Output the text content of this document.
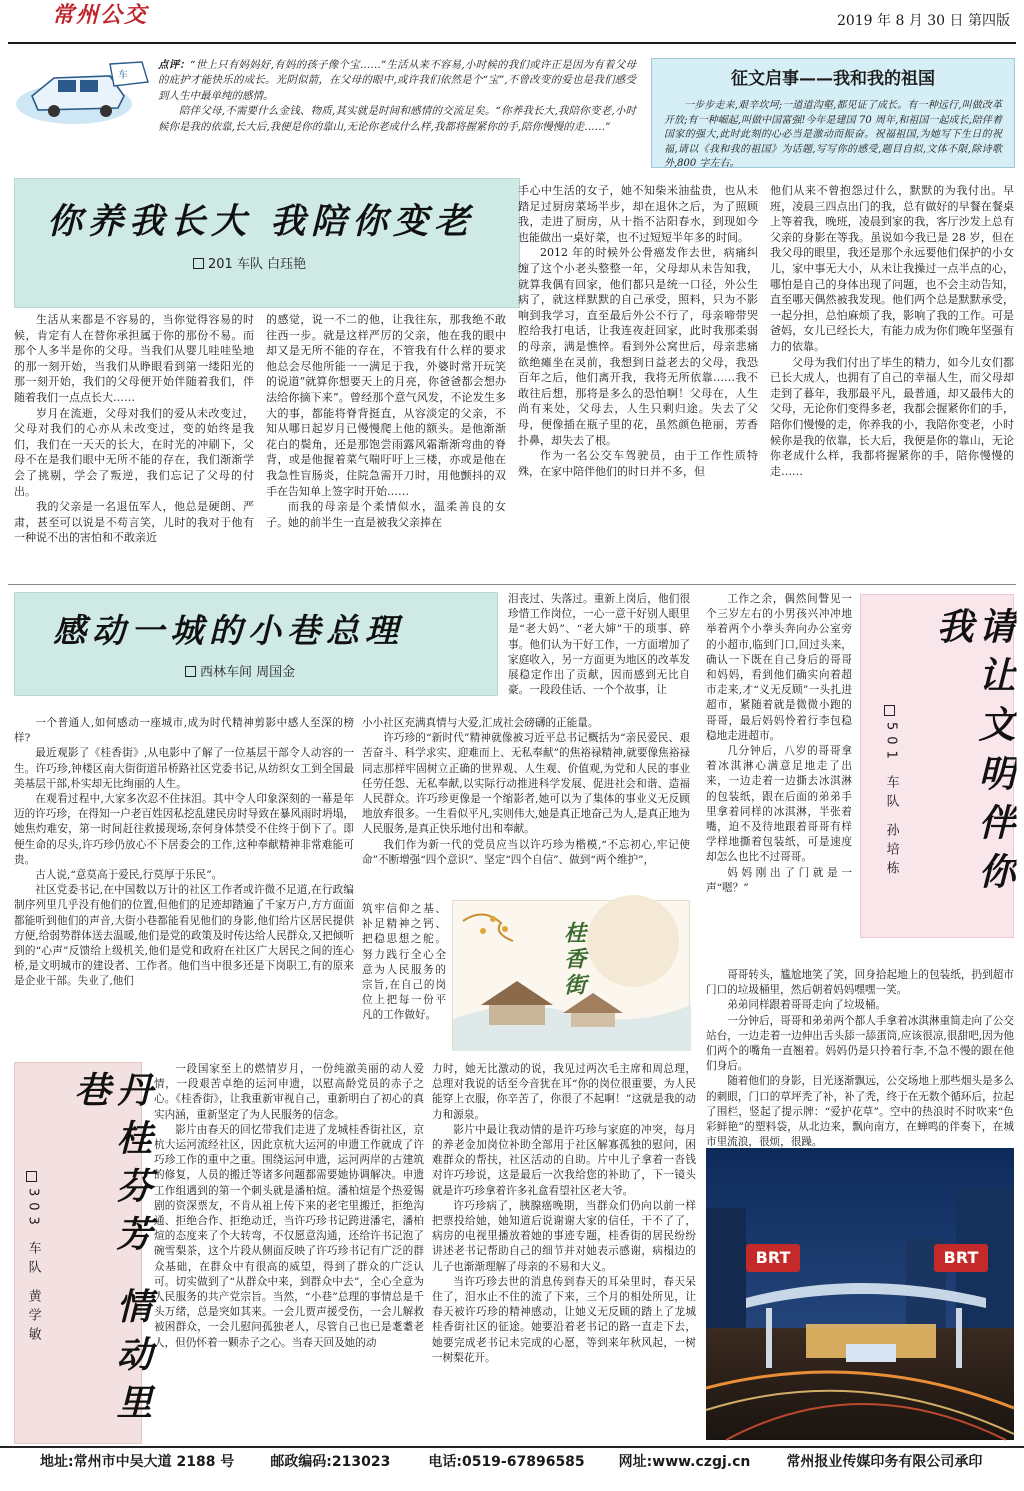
常州公交	2019 年 8 月 30 日 第四版
车

点评：“世上只有妈妈好,有妈的孩子像个宝……”生活从来不容易,小时候的我们或许正是因为有着父母的庇护才能快乐的成长。光阴似箭，在父母的眼中,或许我们依然是个“宝”,不曾改变的爱也是我们感受到人生中最单纯的感情。

陪伴父母,不需要什么金钱、物质,其实就是时间和感情的交流足矣。“你养我长大,我陪你变老,小时候你是我的依靠,长大后,我便是你的靠山,无论你老成什么样,我都将握紧你的手,陪你慢慢的走……”

征文启事——我和我的祖国
一步步走来,艰辛坎坷;一道道沟壑,都见证了成长。有一种远行,叫做改革开放;有一种崛起,叫做中国富强!今年是建国 70 周年,和祖国一起成长,陪伴着国家的强大,此时此刻的心必当是激动而振奋。祝福祖国,为她写下生日的祝福,请以《我和我的祖国》为话题,写写你的感受,题目自拟,文体不限,除诗歌外,800 字左右。
你养我长大 我陪你变老
201 车队 白珏艳

生活从来都是不容易的，当你觉得容易的时候，肯定有人在替你承担属于你的那份不易。而那个人多半是你的父母。当我们从婴儿哇哇坠地的那一刻开始，当我们从睁眼看到第一缕阳光的那一刻开始，我们的父母便开始伴随着我们，伴随着我们一点点长大……

岁月在流逝，父母对我们的爱从未改变过，父母对我们的心亦从未改变过，变的始终是我们，我们在一天天的长大，在时光的冲刷下，父母不在是我们眼中无所不能的存在，我们渐渐学会了挑剔，学会了叛逆，我们忘记了父母的付出。

我的父亲是一名退伍军人，他总是硬朗、严肃，甚至可以说是不苟言笑，儿时的我对于他有一种说不出的害怕和不敢亲近

的感觉，说一不二的他，让我往东，那我绝不敢往西一步。就是这样严厉的父亲，他在我的眼中却又是无所不能的存在，不管我有什么样的要求他总会尽他所能一一满足于我，外婆时常开玩笑的说道“就算你想要天上的月亮，你爸爸都会想办法给你摘下来”。曾经那个意气风发，不论发生多大的事，都能将脊背挺直，从容淡定的父亲，不知从哪日起岁月已慢慢爬上他的额头。是他渐渐花白的鬓角，还是那饱尝雨露风霜渐渐弯曲的脊背，或是他握着菜气喘吁吁上三楼，亦或是他在我急性盲肠炎，住院急需开刀时，用他颤抖的双手在告知单上签字时开始……

而我的母亲是个柔情似水，温柔善良的女子。她的前半生一直是被我父亲捧在

手心中生活的女子，她不知柴米油盐贵，也从未踏足过厨房菜场半步，却在退休之后，为了照顾我，走进了厨房，从十指不沾阳春水，到现如今也能做出一桌好菜，也不过短短半年多的时间。

2012 年的时候外公骨癌发作去世，病痛纠缠了这个小老头整整一年，父母却从未告知我，就算我偶有回家，他们都只是统一口径，外公生病了，就这样默默的自己承受，照料，只为不影响到我学习，直至最后外公不行了，母亲啼带哭腔给我打电话，让我连夜赶回家，此时我那柔弱的母亲，满是憔悴。看到外公窝世后，母亲悲痛欲绝瘫坐在灵前，我想到日益老去的父母，我恐百年之后，他们离开我，我将无所依靠……我不敢往后想，那将是多么的恐怕啊！父母在，人生尚有来处，父母去，人生只剩归途。失去了父母，便像插在瓶子里的花，虽然颜色艳丽，芳香扑鼻，却失去了根。

作为一名公交车驾驶员，由于工作性质特殊，在家中陪伴他们的时日并不多，但

他们从来不曾抱怨过什么，默默的为我付出。早班，凌晨三四点出门的我，总有做好的早餐在餐桌上等着我，晚班，凌晨到家的我，客厅沙发上总有父亲的身影在等我。虽说如今我已是 28 岁，但在我父母的眼里，我还是那个永远要他们保护的小女儿，家中事无大小，从未让我操过一点半点的心，哪怕是自己的身体出现了问题，也不会主动告知，直至哪天偶然被我发现。他们两个总是默默承受，一起分担，总怕麻烦了我，影响了我的工作。可是爸妈，女儿已经长大，有能力成为你们晚年坚强有力的依靠。

父母为我们付出了毕生的精力，如今儿女们都已长大成人，也拥有了自己的幸福人生，而父母却走到了暮年，我那最平凡，最普通，却又最伟大的父母，无论你们变得多老，我都会握紧你们的手，陪你们慢慢的走，你养我的小，我陪你变老，小时候你是我的依靠，长大后，我便是你的靠山，无论你老成什么样，我都将握紧你的手，陪你慢慢的走……

感动一城的小巷总理
西林车间 周国金

一个普通人,如何感动一座城市,成为时代精神剪影中感人至深的榜样?

最近观影了《桂香街》,从电影中了解了一位基层干部令人动容的一生。许巧珍,钟楼区南大街街道吊桥路社区党委书记,从纺织女工到全国最美基层干部,朴实却无比绚丽的人生。

在观看过程中,大家多次忍不住抹泪。其中令人印象深刻的一幕是年迈的许巧珍，在得知一户老百姓因私挖乱建民房时导致在暴风雨时坍塌，她焦灼难安，第一时间赶往救援现场,奈何身体禁受不住终于倒下了。即便生命的尽头,许巧珍仍放心不下居委会的工作,这种奉献精神非常难能可贵。

古人说,“意莫高于爱民,行莫厚于乐民”。

社区党委书记,在中国数以万计的社区工作者或许微不足道,在行政编制序列里几乎没有他们的位置,但他们的足迹却踏遍了千家万户,方方面面都能听到他们的声音,大街小巷都能看见他们的身影,他们给片区居民提供方便,给弱势群体送去温暖,他们是党的政策及时传达给人民群众,又把倾听到的“心声”反馈给上级机关,他们是党和政府在社区广大居民之间的连心桥,是文明城市的建设者、工作者。他们当中很多还是下岗职工,有的原来是企业干部。失业了,他们

小小社区充满真情与大爱,汇成社会磅礴的正能量。

许巧珍的“新时代”精神就像被习近平总书记概括为“亲民爱民、艰苦奋斗、科学求实、迎难而上、无私奉献”的焦裕禄精神,就要像焦裕禄同志那样牢固树立正确的世界观、人生观、价值观,为党和人民的事业任劳任怨、无私奉献,以实际行动推进科学发展、促进社会和谐、造福人民群众。许巧珍更像是一个缩影者,她可以为了集体的事业义无反顾地放弃很多。一生看似平凡,实则伟大,她是真正地奋己为人,是真正地为人民服务,是真正快乐地付出和奉献。

我们作为新一代的党员应当以许巧珍为楷模,“不忘初心,牢记使命”不断增强“四个意识”、坚定“四个自信”、做到“两个维护”，

筑牢信仰之基、补足精神之钙、把稳思想之舵。努力践行全心全意为人民服务的宗旨,在自己的岗位上把每一份平凡的工作做好。

桂香街

泪丧过、失落过。重新上岗后，他们很珍惜工作岗位，一心一意干好别人眼里是“老大妈”、“老大婶”干的琐事、碎事。他们认为干好工作，一方面增加了家庭收入，另一方面更为地区的改革发展稳定作出了贡献，因而感到无比自豪。一段段佳话、一个个故事，让

工作之余，偶然间瞥见一个三岁左右的小男孩兴冲冲地举着两个小拳头奔向办公室旁的小超市,临到门口,回过头来，确认一下既在自己身后的哥哥和妈妈，看到他们确实向着超市走来,才“义无反顾”一头扎进超市，紧随着就是微微小跑的哥哥，最后妈妈怜着行李包稳稳地走进超市。

几分钟后，八岁的哥哥拿着冰淇淋心满意足地走了出来，一边走着一边撕去冰淇淋的包装纸，跟在后面的弟弟手里拿着同样的冰淇淋，半张着嘴，迫不及待地跟着哥哥有样学样地撕着包装纸，可是速度却怎么也比不过哥哥。

妈妈刚出了门就是一声“嗯？”	请让文明伴你我
501 车队 孙培栋

哥哥转头，尴尬地笑了笑，回身拾起地上的包装纸，扔到超市门口的垃圾桶里，然后朝着妈妈嘿嘿一笑。

弟弟同样跟着哥哥走向了垃圾桶。

一分钟后，哥哥和弟弟两个都人手拿着冰淇淋重简走向了公交站台，一边走着一边伸出舌头舔一舔蛋筒,应该很凉,很甜吧,因为他们两个的嘴角一直翘着。妈妈仍是只拎着行李,不急不慢的跟在他们身后。

随着他们的身影，目光逐渐飘远，公交场地上那些烟头是多么的刺眼，门口的草坪秃了补，补了秃，终于在无数个循环后，拉起了围栏，竖起了提示牌：“爱护花草”。空中的热浪时不时吹来“色彩鲜艳”的塑料袋，从北边来，飘向南方，在蝉鸣的伴奏下，在城市里流浪，很烦，很躁。

丹桂芬芳 情动里巷
303 车队 黄学敏

一段国家至上的燃情岁月，一份纯澈美丽的动人爱情，一段艰苦卓绝的运河申遗，以慰高龄党员的赤子之心。《桂香街》，让我重新审视自己，重新明白了初心的真实内涵，重新坚定了为人民服务的信念。

影片由春天的回忆带我们走进了龙城桂香街社区，京杭大运河流经社区，因此京杭大运河的申遗工作就成了许巧珍工作的重中之重。围绕运河申遗，运河两岸的古建筑的修复，人员的搬迁等诸多问题都需要她协调解决。申遗工作组遇到的第一个刺头就是潘柏煊。潘柏煊是个热爱锡剧的资深票友，不肯从祖上传下来的老宅里搬迁，拒绝沟通、拒绝合作、拒绝动迁，当许巧珍书记跨进潘宅，潘柏煊的态度来了个大转弯，不仅愿意沟通，还给许书记泡了碗雪梨茶，这个片段从侧面反映了许巧珍书记有广泛的群众基础，在群众中有很高的威望，得到了群众的广泛认可。切实做到了“从群众中来，到群众中去”，全心全意为人民服务的共产党宗旨。当然，“小巷”总理的事情总是千头万绪，总是突如其来。一会儿贾声援受伤，一会儿解救被困群众，一会儿慰问孤独老人，尽管自己也已是耄耋老人，但仍怀着一颗赤子之心。当春天回及她的动

力时，她无比激动的说，我见过两次毛主席和周总理，总理对我说的话至今音犹在耳“你的岗位很重要，为人民能穿上衣服，你辛苦了，你很了不起啊！”这就是我的动力和源泉。

影片中最让我动情的是许巧珍与家庭的冲突，每月的养老金加岗位补助全部用于社区解寡孤独的慰问，困难群众的帮扶，社区活动的自助。片中儿子拿着一沓钱对许巧珍说，这是最后一次我给您的补助了，下一镜头就是许巧珍拿着许多礼盒看望社区老大爷。

许巧珍病了，胰腺癌晚期，当群众们仍向以前一样把票投给她，她知道后说谢谢大家的信任，干不了了，病房的电视里播放着她的事迹专题，桂香街的居民纷纷讲述老书记帮助自己的细节并对她表示感谢，病榻边的儿子也渐渐理解了母亲的不易和大义。

当许巧珍去世的消息传到春天的耳朵里时，春天呆住了，泪水止不住的流了下来，三个月的相处所见，让春天被许巧珍的精神感动，让她义无反顾的踏上了龙城桂香街社区的征途。她要沿着老书记的路一直走下去，她要完成老书记未完成的心愿，等到来年秋风起，一树一树梨花开。

BRT	BRT
地址:常州市中吴大道 2188 号	邮政编码:213023	电话:0519-67896585 网址:www.czgj.cn	常州报业传媒印务有限公司承印
